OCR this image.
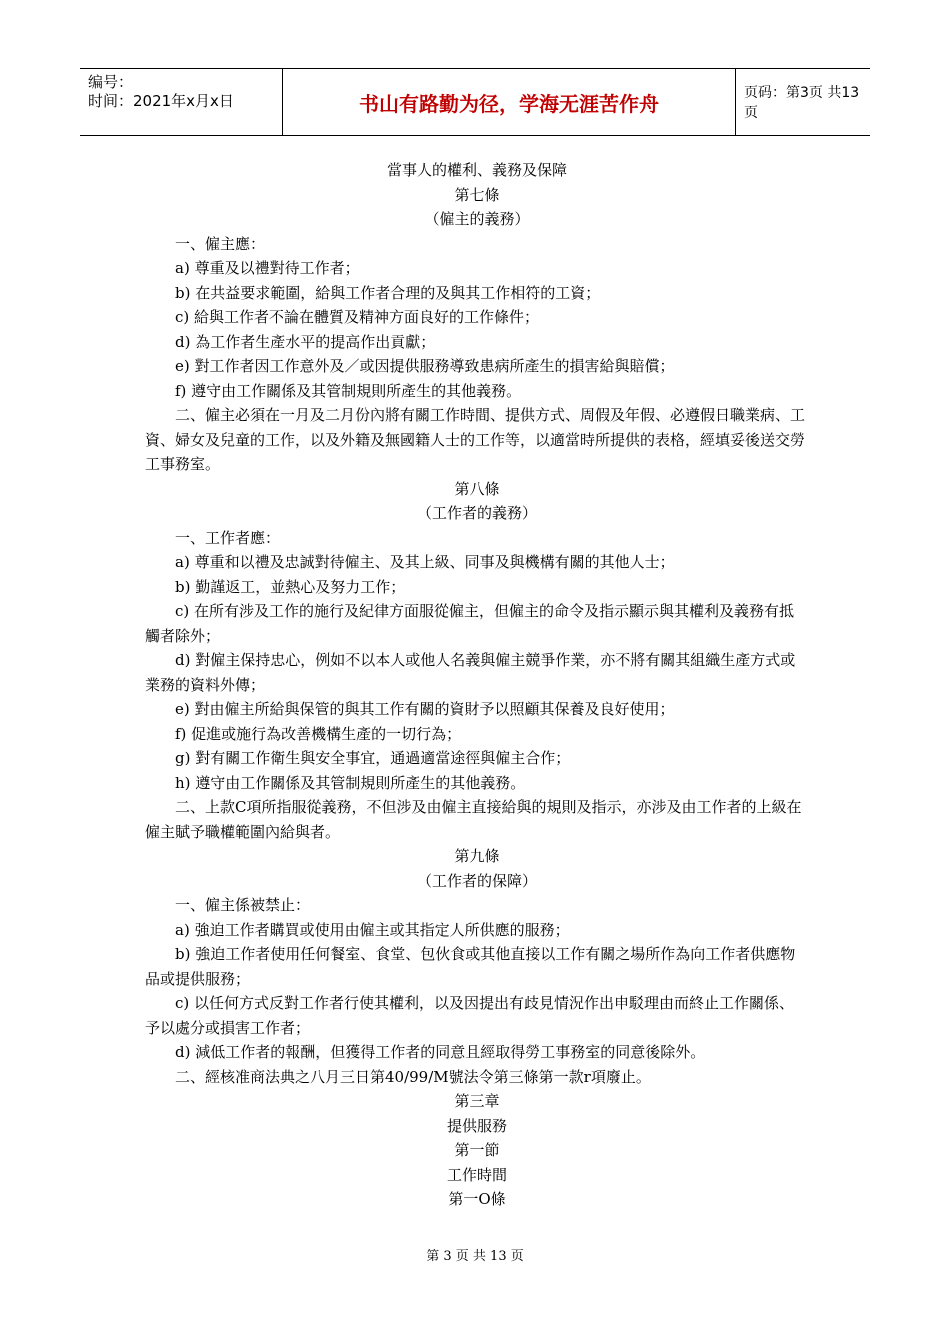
编号：
时间：2021年x月x日	书山有路勤为径，学海无涯苦作舟	页码：第3页 共13页

當事人的權利、義務及保障

第七條

（僱主的義務）

一、僱主應：

a) 尊重及以禮對待工作者；

b) 在共益要求範圍，給與工作者合理的及與其工作相符的工資；

c) 給與工作者不論在體質及精神方面良好的工作條件；

d) 為工作者生產水平的提高作出貢獻；

e) 對工作者因工作意外及／或因提供服務導致患病所產生的損害給與賠償；

f) 遵守由工作關係及其管制規則所產生的其他義務。

二、僱主必須在一月及二月份內將有關工作時間、提供方式、周假及年假、必遵假日職業病、工資、婦女及兒童的工作，以及外籍及無國籍人士的工作等，以適當時所提供的表格，經填妥後送交勞工事務室。

第八條

（工作者的義務）

一、工作者應：

a) 尊重和以禮及忠誠對待僱主、及其上級、同事及與機構有關的其他人士；

b) 勤謹返工，並熱心及努力工作；

c) 在所有涉及工作的施行及紀律方面服從僱主，但僱主的命令及指示顯示與其權利及義務有抵觸者除外；

d) 對僱主保持忠心，例如不以本人或他人名義與僱主競爭作業，亦不將有關其組織生產方式或業務的資料外傳；

e) 對由僱主所給與保管的與其工作有關的資財予以照顧其保養及良好使用；

f) 促進或施行為改善機構生產的一切行為；

g) 對有關工作衛生與安全事宜，通過適當途徑與僱主合作；

h) 遵守由工作關係及其管制規則所產生的其他義務。

二、上款C項所指服從義務，不但涉及由僱主直接給與的規則及指示，亦涉及由工作者的上級在僱主賦予職權範圍內給與者。

第九條

（工作者的保障）

一、僱主係被禁止：

a) 強迫工作者購買或使用由僱主或其指定人所供應的服務；

b) 強迫工作者使用任何餐室、食堂、包伙食或其他直接以工作有關之場所作為向工作者供應物品或提供服務；

c) 以任何方式反對工作者行使其權利，以及因提出有歧見情況作出申駁理由而終止工作關係、予以處分或損害工作者；

d) 減低工作者的報酬，但獲得工作者的同意且經取得勞工事務室的同意後除外。

二、經核准商法典之八月三日第40/99/M號法令第三條第一款r項廢止。

第三章

提供服務

第一節

工作時間

第一O條

第 3 页 共 13 页
